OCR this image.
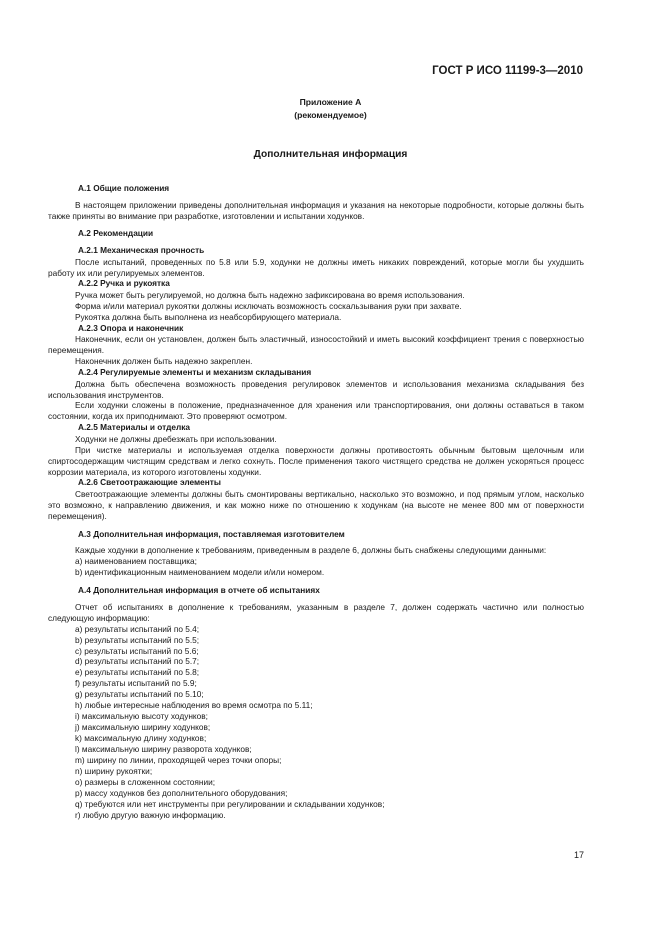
ГОСТ Р ИСО 11199-3—2010
Приложение А
(рекомендуемое)
Дополнительная информация
А.1 Общие положения
В настоящем приложении приведены дополнительная информация и указания на некоторые подробности, которые должны быть также приняты во внимание при разработке, изготовлении и испытании ходунков.
А.2 Рекомендации
А.2.1 Механическая прочность
После испытаний, проведенных по 5.8 или 5.9, ходунки не должны иметь никаких повреждений, которые могли бы ухудшить работу их или регулируемых элементов.
А.2.2 Ручка и рукоятка
Ручка может быть регулируемой, но должна быть надежно зафиксирована во время использования.
Форма и/или материал рукоятки должны исключать возможность соскальзывания руки при захвате.
Рукоятка должна быть выполнена из неабсорбирующего материала.
А.2.3 Опора и наконечник
Наконечник, если он установлен, должен быть эластичный, износостойкий и иметь высокий коэффициент трения с поверхностью перемещения.
Наконечник должен быть надежно закреплен.
А.2.4 Регулируемые элементы и механизм складывания
Должна быть обеспечена возможность проведения регулировок элементов и использования механизма складывания без использования инструментов.
Если ходунки сложены в положение, предназначенное для хранения или транспортирования, они должны оставаться в таком состоянии, когда их приподнимают. Это проверяют осмотром.
А.2.5 Материалы и отделка
Ходунки не должны дребезжать при использовании.
При чистке материалы и используемая отделка поверхности должны противостоять обычным бытовым щелочным или спиртосодержащим чистящим средствам и легко сохнуть. После применения такого чистящего средства не должен ускоряться процесс коррозии материала, из которого изготовлены ходунки.
А.2.6 Светоотражающие элементы
Светоотражающие элементы должны быть смонтированы вертикально, насколько это возможно, и под прямым углом, насколько это возможно, к направлению движения, и как можно ниже по отношению к ходункам (на высоте не менее 800 мм от поверхности перемещения).
А.3 Дополнительная информация, поставляемая изготовителем
Каждые ходунки в дополнение к требованиям, приведенным в разделе 6, должны быть снабжены следующими данными:
a) наименованием поставщика;
b) идентификационным наименованием модели и/или номером.
А.4 Дополнительная информация в отчете об испытаниях
Отчет об испытаниях в дополнение к требованиям, указанным в разделе 7, должен содержать частично или полностью следующую информацию:
a) результаты испытаний по 5.4;
b) результаты испытаний по 5.5;
c) результаты испытаний по 5.6;
d) результаты испытаний по 5.7;
e) результаты испытаний по 5.8;
f) результаты испытаний по 5.9;
g) результаты испытаний по 5.10;
h) любые интересные наблюдения во время осмотра по 5.11;
i) максимальную высоту ходунков;
j) максимальную ширину ходунков;
k) максимальную длину ходунков;
l) максимальную ширину разворота ходунков;
m) ширину по линии, проходящей через точки опоры;
n) ширину рукоятки;
o) размеры в сложенном состоянии;
p) массу ходунков без дополнительного оборудования;
q) требуются или нет инструменты при регулировании и складывании ходунков;
r) любую другую важную информацию.
17
